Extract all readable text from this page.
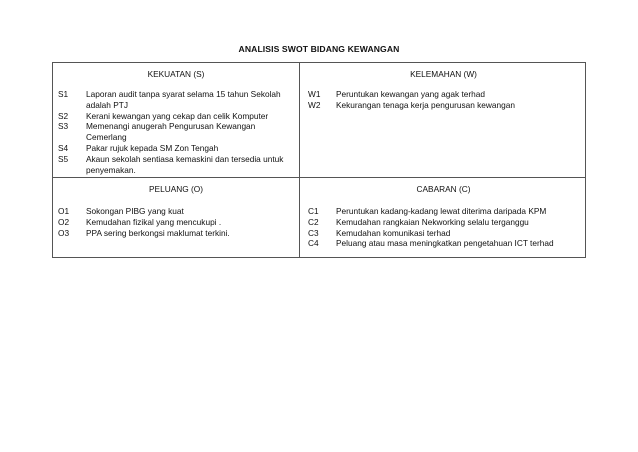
ANALISIS SWOT BIDANG KEWANGAN
KEKUATAN (S)
S1 Laporan audit tanpa syarat selama 15 tahun Sekolah adalah PTJ
S2 Kerani kewangan yang cekap dan celik Komputer
S3 Memenangi anugerah Pengurusan Kewangan Cemerlang
S4 Pakar rujuk kepada SM Zon Tengah
S5 Akaun sekolah sentiasa kemaskini dan tersedia untuk penyemakan.
KELEMAHAN (W)
W1 Peruntukan kewangan yang agak terhad
W2 Kekurangan tenaga kerja pengurusan kewangan
PELUANG (O)
O1 Sokongan PIBG yang kuat
O2 Kemudahan fizikal yang mencukupi .
O3 PPA sering berkongsi maklumat terkini.
CABARAN (C)
C1 Peruntukan kadang-kadang lewat diterima daripada KPM
C2 Kemudahan rangkaian Nekworking selalu terganggu
C3 Kemudahan komunikasi terhad
C4 Peluang atau masa meningkatkan pengetahuan ICT terhad
